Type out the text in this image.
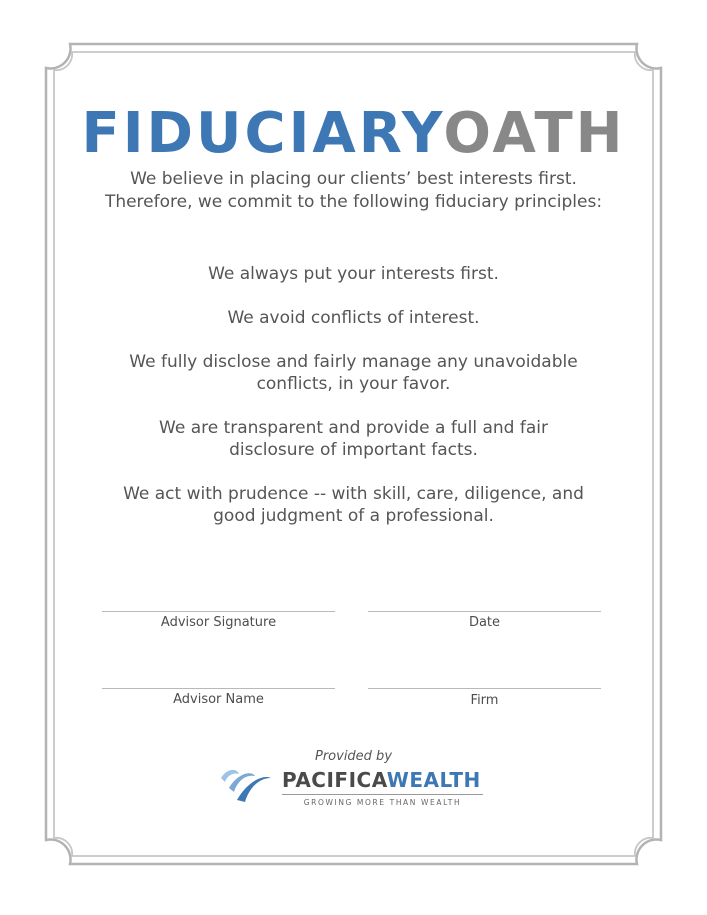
FIDUCIARYOATH
We believe in placing our clients’ best interests first.
Therefore, we commit to the following fiduciary principles:

We always put your interests first.

We avoid conflicts of interest.

We fully disclose and fairly manage any unavoidable
conflicts, in your favor.

We are transparent and provide a full and fair
disclosure of important facts.

We act with prudence -- with skill, care, diligence, and
good judgment of a professional.

Advisor Signature	Date
Advisor Name	Firm
Provided by
PACIFICAWEALTH
GROWING MORE THAN WEALTH
